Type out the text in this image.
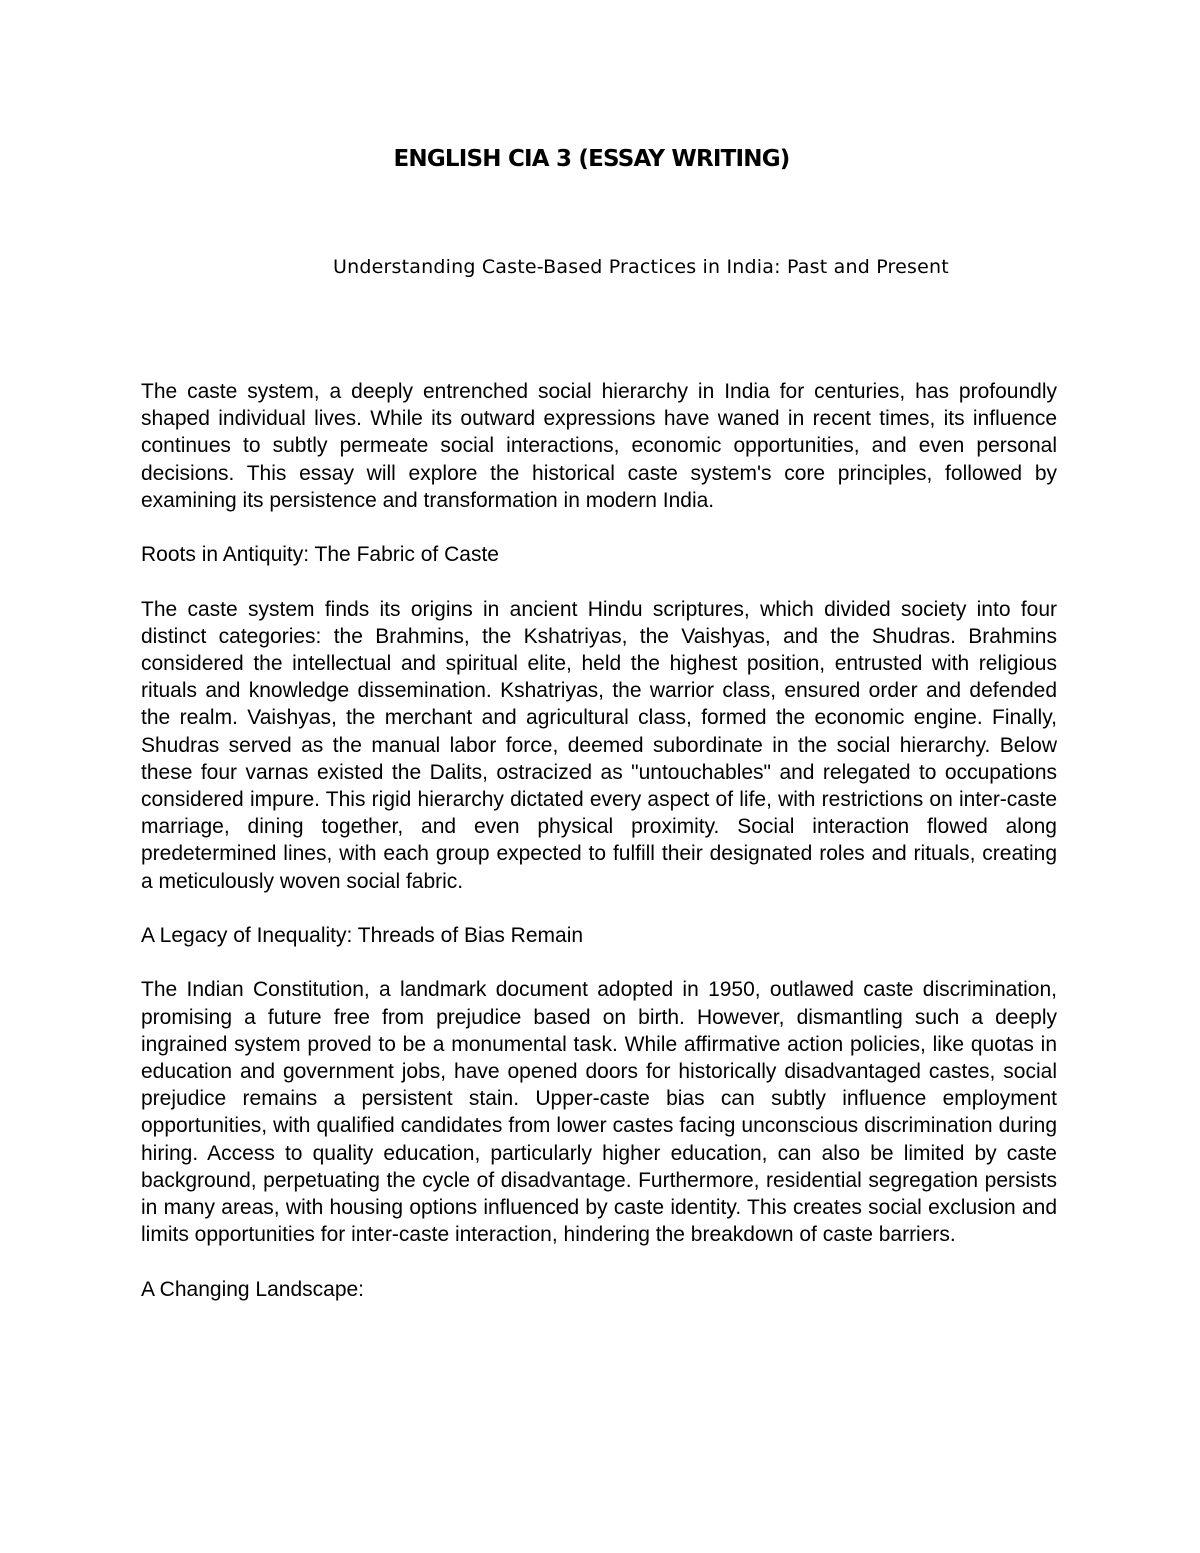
ENGLISH CIA 3 (ESSAY WRITING)

Understanding Caste-Based Practices in India: Past and Present

The caste system, a deeply entrenched social hierarchy in India for centuries, has profoundly shaped individual lives. While its outward expressions have waned in recent times, its influence continues to subtly permeate social interactions, economic opportunities, and even personal decisions. This essay will explore the historical caste system's core principles, followed by examining its persistence and transformation in modern India.

Roots in Antiquity: The Fabric of Caste

The caste system finds its origins in ancient Hindu scriptures, which divided society into four distinct categories: the Brahmins, the Kshatriyas, the Vaishyas, and the Shudras. Brahmins considered the intellectual and spiritual elite, held the highest position, entrusted with religious rituals and knowledge dissemination. Kshatriyas, the warrior class, ensured order and defended the realm. Vaishyas, the merchant and agricultural class, formed the economic engine. Finally, Shudras served as the manual labor force, deemed subordinate in the social hierarchy. Below these four varnas existed the Dalits, ostracized as "untouchables" and relegated to occupations considered impure. This rigid hierarchy dictated every aspect of life, with restrictions on inter-caste marriage, dining together, and even physical proximity. Social interaction flowed along predetermined lines, with each group expected to fulfill their designated roles and rituals, creating a meticulously woven social fabric.

A Legacy of Inequality: Threads of Bias Remain

The Indian Constitution, a landmark document adopted in 1950, outlawed caste discrimination, promising a future free from prejudice based on birth. However, dismantling such a deeply ingrained system proved to be a monumental task. While affirmative action policies, like quotas in education and government jobs, have opened doors for historically disadvantaged castes, social prejudice remains a persistent stain. Upper-caste bias can subtly influence employment opportunities, with qualified candidates from lower castes facing unconscious discrimination during hiring. Access to quality education, particularly higher education, can also be limited by caste background, perpetuating the cycle of disadvantage. Furthermore, residential segregation persists in many areas, with housing options influenced by caste identity. This creates social exclusion and limits opportunities for inter-caste interaction, hindering the breakdown of caste barriers.

A Changing Landscape:
